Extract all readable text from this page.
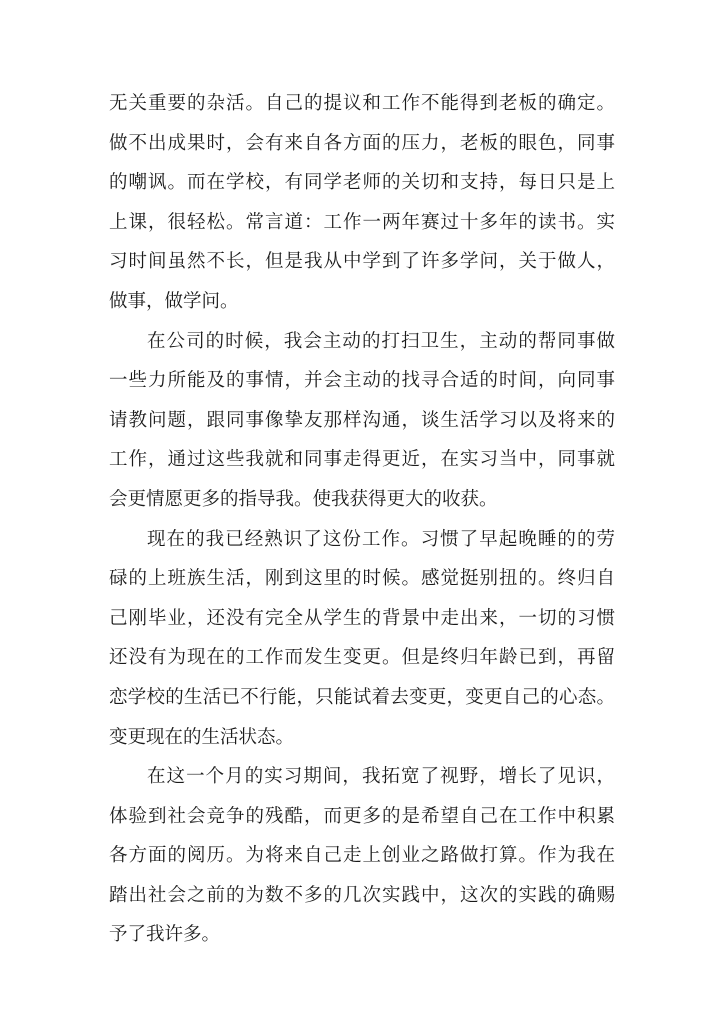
无关重要的杂活。自己的提议和工作不能得到老板的确定。
做不出成果时，会有来自各方面的压力，老板的眼色，同事
的嘲讽。而在学校，有同学老师的关切和支持，每日只是上
上课，很轻松。常言道：工作一两年赛过十多年的读书。实
习时间虽然不长，但是我从中学到了许多学问，关于做人，
做事，做学问。
在公司的时候，我会主动的打扫卫生，主动的帮同事做
一些力所能及的事情，并会主动的找寻合适的时间，向同事
请教问题，跟同事像挚友那样沟通，谈生活学习以及将来的
工作，通过这些我就和同事走得更近，在实习当中，同事就
会更情愿更多的指导我。使我获得更大的收获。
现在的我已经熟识了这份工作。习惯了早起晚睡的的劳
碌的上班族生活，刚到这里的时候。感觉挺别扭的。终归自
己刚毕业，还没有完全从学生的背景中走出来，一切的习惯
还没有为现在的工作而发生变更。但是终归年龄已到，再留
恋学校的生活已不行能，只能试着去变更，变更自己的心态。
变更现在的生活状态。
在这一个月的实习期间，我拓宽了视野，增长了见识，
体验到社会竞争的残酷，而更多的是希望自己在工作中积累
各方面的阅历。为将来自己走上创业之路做打算。作为我在
踏出社会之前的为数不多的几次实践中，这次的实践的确赐
予了我许多。
